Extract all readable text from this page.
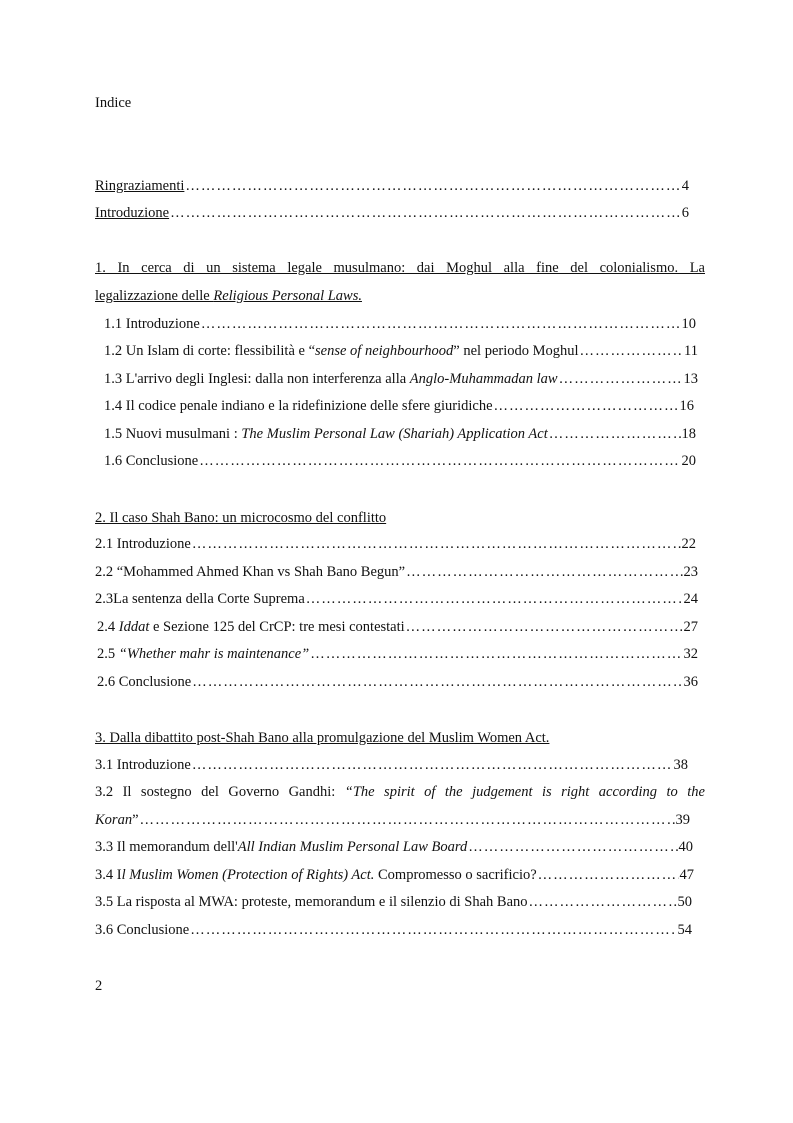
Indice
Ringraziamenti …………………………………………………………………………………………………………………………………………………………………………………………	4
Introduzione …………………………………………………………………………………………………………………………………………………………………………………………	6
1. In cerca di un sistema legale musulmano: dai Moghul alla fine del colonialismo. La
legalizzazione delle Religious Personal Laws.
1.1 Introduzione …………………………………………………………………………………………………………………………………………………………………………………………	10
1.2 Un Islam di corte: flessibilità e “sense of neighbourhood” nel periodo Moghul …………………………………………………………………………………………………………………………………………………………………………………………	11
1.3 L'arrivo degli Inglesi: dalla non interferenza alla Anglo-Muhammadan law …………………………………………………………………………………………………………………………………………………………………………………………	13
1.4 Il codice penale indiano e la ridefinizione delle sfere giuridiche …………………………………………………………………………………………………………………………………………………………………………………………	16
1.5 Nuovi musulmani : The Muslim Personal Law (Shariah) Application Act …………………………………………………………………………………………………………………………………………………………………………………………	18
1.6 Conclusione …………………………………………………………………………………………………………………………………………………………………………………………	20
2. Il caso Shah Bano: un microcosmo del conflitto
2.1 Introduzione …………………………………………………………………………………………………………………………………………………………………………………………	22
2.2 “Mohammed Ahmed Khan vs Shah Bano Begun” …………………………………………………………………………………………………………………………………………………………………………………………	23
2.3La sentenza della Corte Suprema …………………………………………………………………………………………………………………………………………………………………………………………	24
2.4 Iddat e Sezione 125 del CrCP: tre mesi contestati …………………………………………………………………………………………………………………………………………………………………………………………	27
2.5 “Whether mahr is maintenance” …………………………………………………………………………………………………………………………………………………………………………………………	32
2.6 Conclusione …………………………………………………………………………………………………………………………………………………………………………………………	36
3. Dalla dibattito post-Shah Bano alla promulgazione del Muslim Women Act.
3.1 Introduzione …………………………………………………………………………………………………………………………………………………………………………………………	38
3.2 Il sostegno del Governo Gandhi: “The spirit of the judgement is right according to the
Koran” …………………………………………………………………………………………………………………………………………………………………………………………	39
3.3 Il memorandum dell'All Indian Muslim Personal Law Board …………………………………………………………………………………………………………………………………………………………………………………………	40
3.4 Il Muslim Women (Protection of Rights) Act. Compromesso o sacrificio? …………………………………………………………………………………………………………………………………………………………………………………………	47
3.5 La risposta al MWA: proteste, memorandum e il silenzio di Shah Bano …………………………………………………………………………………………………………………………………………………………………………………………	50
3.6 Conclusione …………………………………………………………………………………………………………………………………………………………………………………………	54
2
